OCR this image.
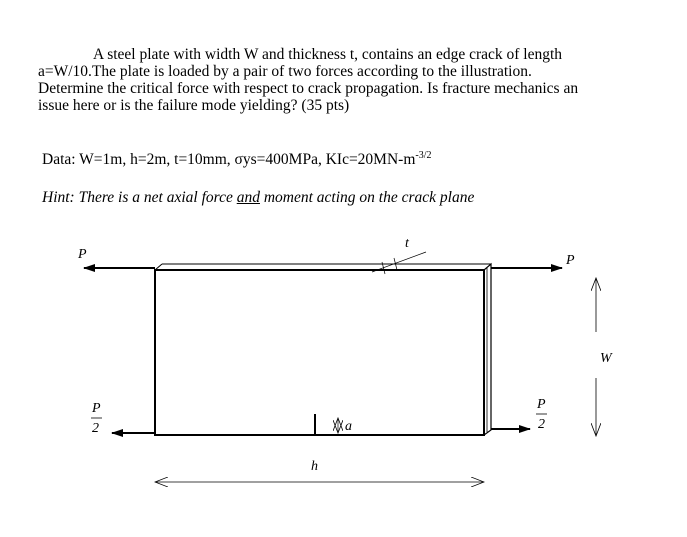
A steel plate with width W and thickness t, contains an edge crack of length

a=W/10.The plate is loaded by a pair of two forces according to the illustration.

Determine the critical force with respect to crack propagation. Is fracture mechanics an

issue here or is the failure mode yielding? (35 pts)

Data: W=1m, h=2m, t=10mm, σys=400MPa, $KIc=20MN-m^{-3/2}$
Hint: There is a net axial force and moment acting on the crack plane
P	P
P
2
P
2
t
W
h
a
